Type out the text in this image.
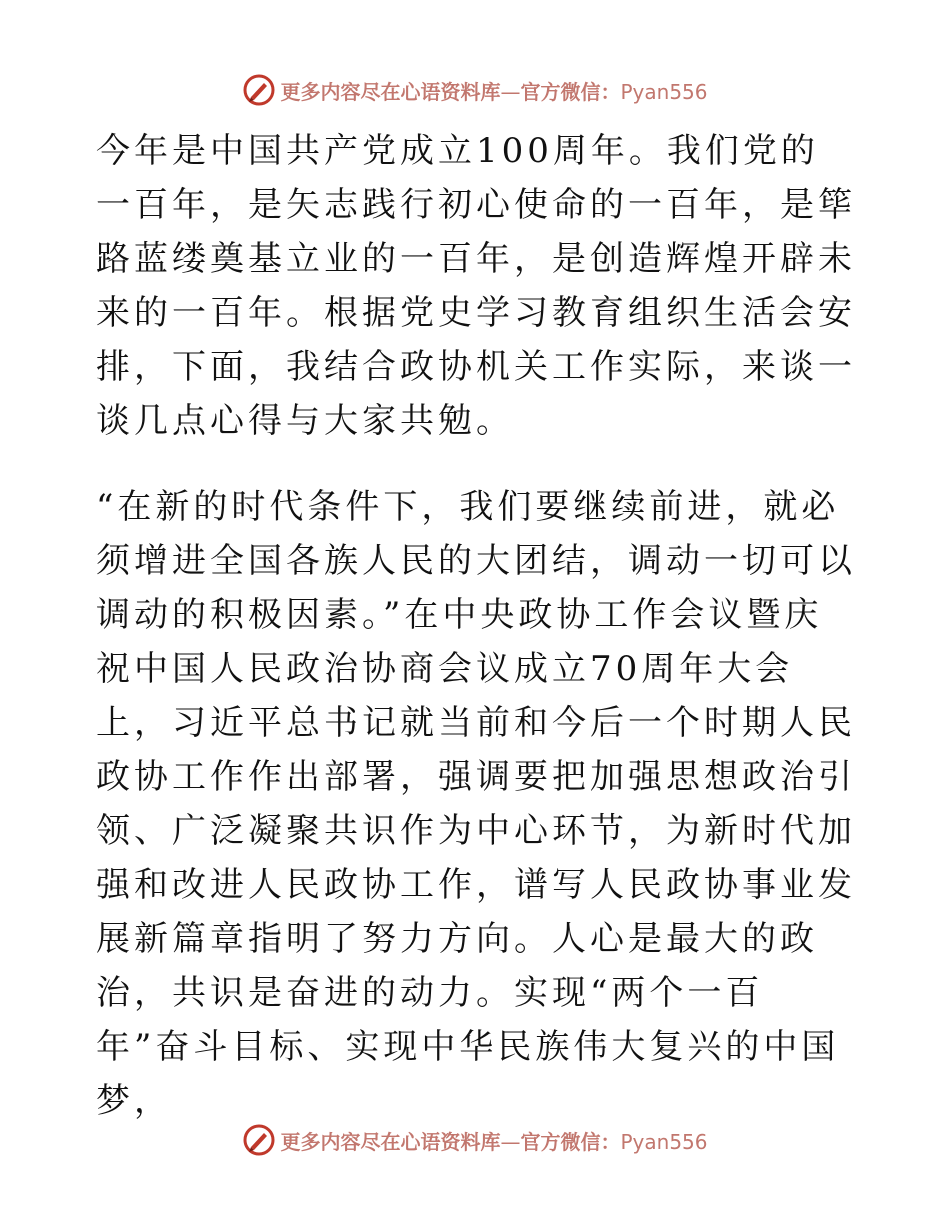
更多内容尽在心语资料库—官方微信：Pyan556

今年是中国共产党成立100周年。我们党的一百年，是矢志践行初心使命的一百年，是筚路蓝缕奠基立业的一百年，是创造辉煌开辟未来的一百年。根据党史学习教育组织生活会安排，下面，我结合政协机关工作实际，来谈一谈几点心得与大家共勉。

“在新的时代条件下，我们要继续前进，就必须增进全国各族人民的大团结，调动一切可以调动的积极因素。”在中央政协工作会议暨庆祝中国人民政治协商会议成立70周年大会上，习近平总书记就当前和今后一个时期人民政协工作作出部署，强调要把加强思想政治引领、广泛凝聚共识作为中心环节，为新时代加强和改进人民政协工作，谱写人民政协事业发展新篇章指明了努力方向。人心是最大的政治，共识是奋进的动力。实现“两个一百年”奋斗目标、实现中华民族伟大复兴的中国梦，

更多内容尽在心语资料库—官方微信：Pyan556
